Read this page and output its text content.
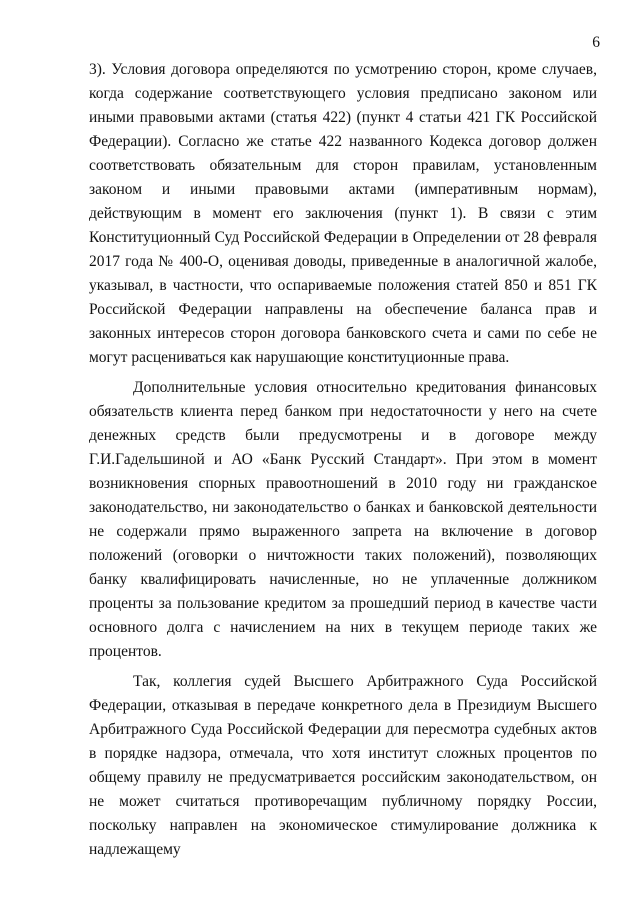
6

3). Условия договора определяются по усмотрению сторон, кроме случаев, когда содержание соответствующего условия предписано законом или иными правовыми актами (статья 422) (пункт 4 статьи 421 ГК Российской Федерации). Согласно же статье 422 названного Кодекса договор должен соответствовать обязательным для сторон правилам, установленным законом и иными правовыми актами (императивным нормам), действующим в момент его заключения (пункт 1). В связи с этим Конституционный Суд Российской Федерации в Определении от 28 февраля 2017 года № 400-О, оценивая доводы, приведенные в аналогичной жалобе, указывал, в частности, что оспариваемые положения статей 850 и 851 ГК Российской Федерации направлены на обеспечение баланса прав и законных интересов сторон договора банковского счета и сами по себе не могут расцениваться как нарушающие конституционные права.

Дополнительные условия относительно кредитования финансовых обязательств клиента перед банком при недостаточности у него на счете денежных средств были предусмотрены и в договоре между Г.И.Гадельшиной и АО «Банк Русский Стандарт». При этом в момент возникновения спорных правоотношений в 2010 году ни гражданское законодательство, ни законодательство о банках и банковской деятельности не содержали прямо выраженного запрета на включение в договор положений (оговорки о ничтожности таких положений), позволяющих банку квалифицировать начисленные, но не уплаченные должником проценты за пользование кредитом за прошедший период в качестве части основного долга с начислением на них в текущем периоде таких же процентов.

Так, коллегия судей Высшего Арбитражного Суда Российской Федерации, отказывая в передаче конкретного дела в Президиум Высшего Арбитражного Суда Российской Федерации для пересмотра судебных актов в порядке надзора, отмечала, что хотя институт сложных процентов по общему правилу не предусматривается российским законодательством, он не может считаться противоречащим публичному порядку России, поскольку направлен на экономическое стимулирование должника к надлежащему
